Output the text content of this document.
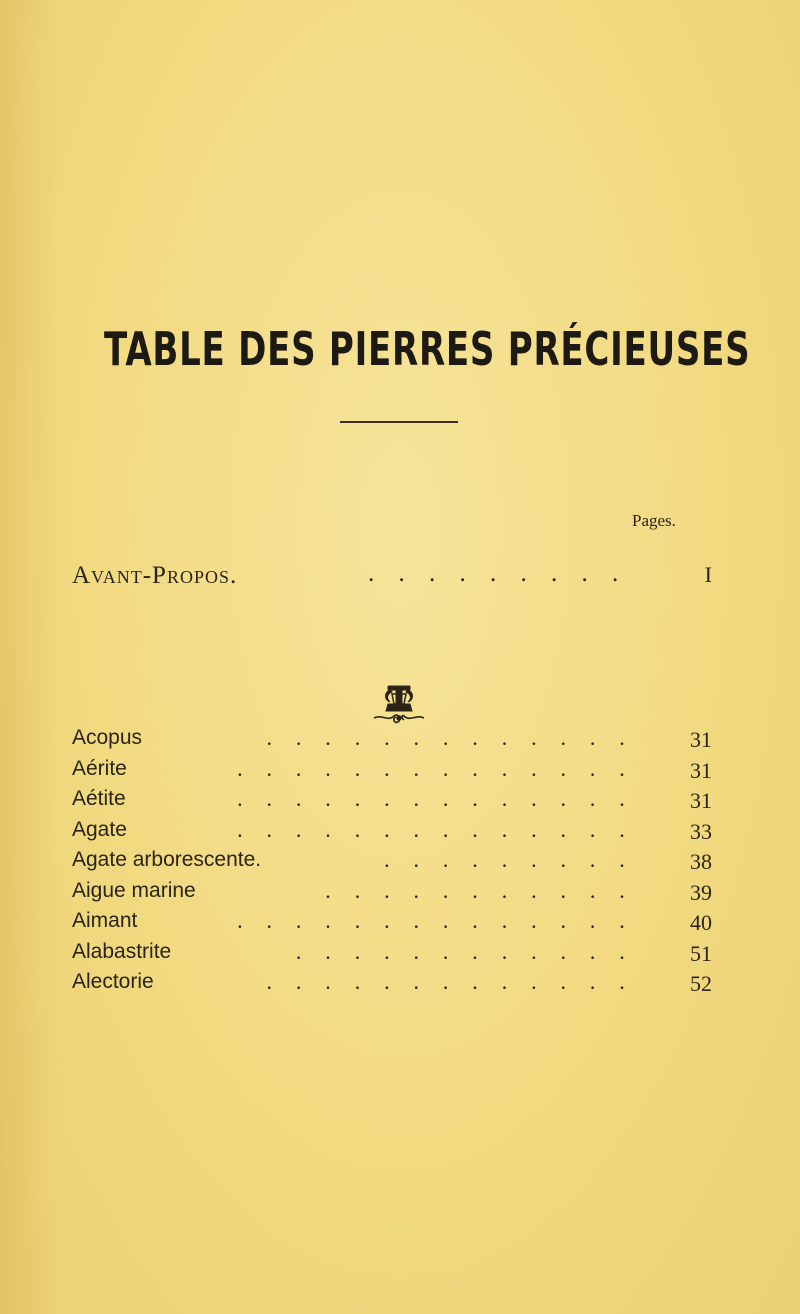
TABLE DES PIERRES PRÉCIEUSES
Pages.
Avant-Propos.	. . . . . . . . .	I
Acopus	. . . . . . . . . . . . .	31
Aérite	. . . . . . . . . . . . . .	31
Aétite	. . . . . . . . . . . . . .	31
Agate	. . . . . . . . . . . . . .	33
Agate arborescente.	. . . . . . . . .	38
Aigue marine	. . . . . . . . . . .	39
Aimant	. . . . . . . . . . . . . .	40
Alabastrite	. . . . . . . . . . . .	51
Alectorie	. . . . . . . . . . . . .	52
